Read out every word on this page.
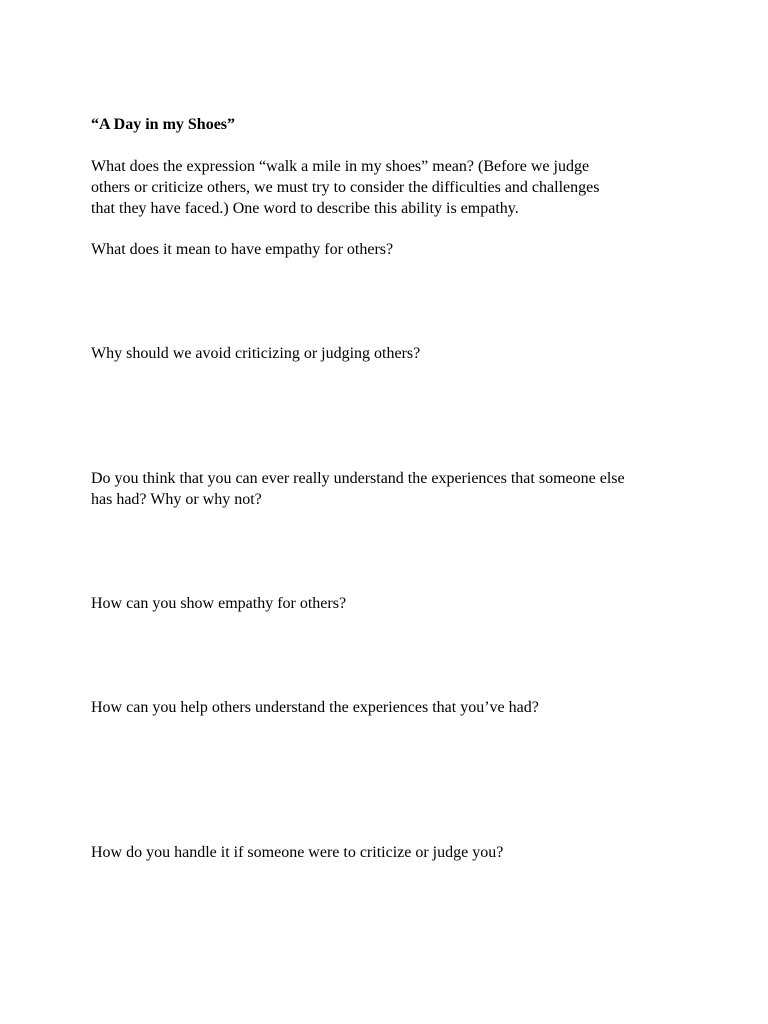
“A Day in my Shoes”

What does the expression “walk a mile in my shoes” mean? (Before we judge
others or criticize others, we must try to consider the difficulties and challenges
that they have faced.) One word to describe this ability is empathy.

What does it mean to have empathy for others?

Why should we avoid criticizing or judging others?

Do you think that you can ever really understand the experiences that someone else
has had? Why or why not?

How can you show empathy for others?

How can you help others understand the experiences that you’ve had?

How do you handle it if someone were to criticize or judge you?
